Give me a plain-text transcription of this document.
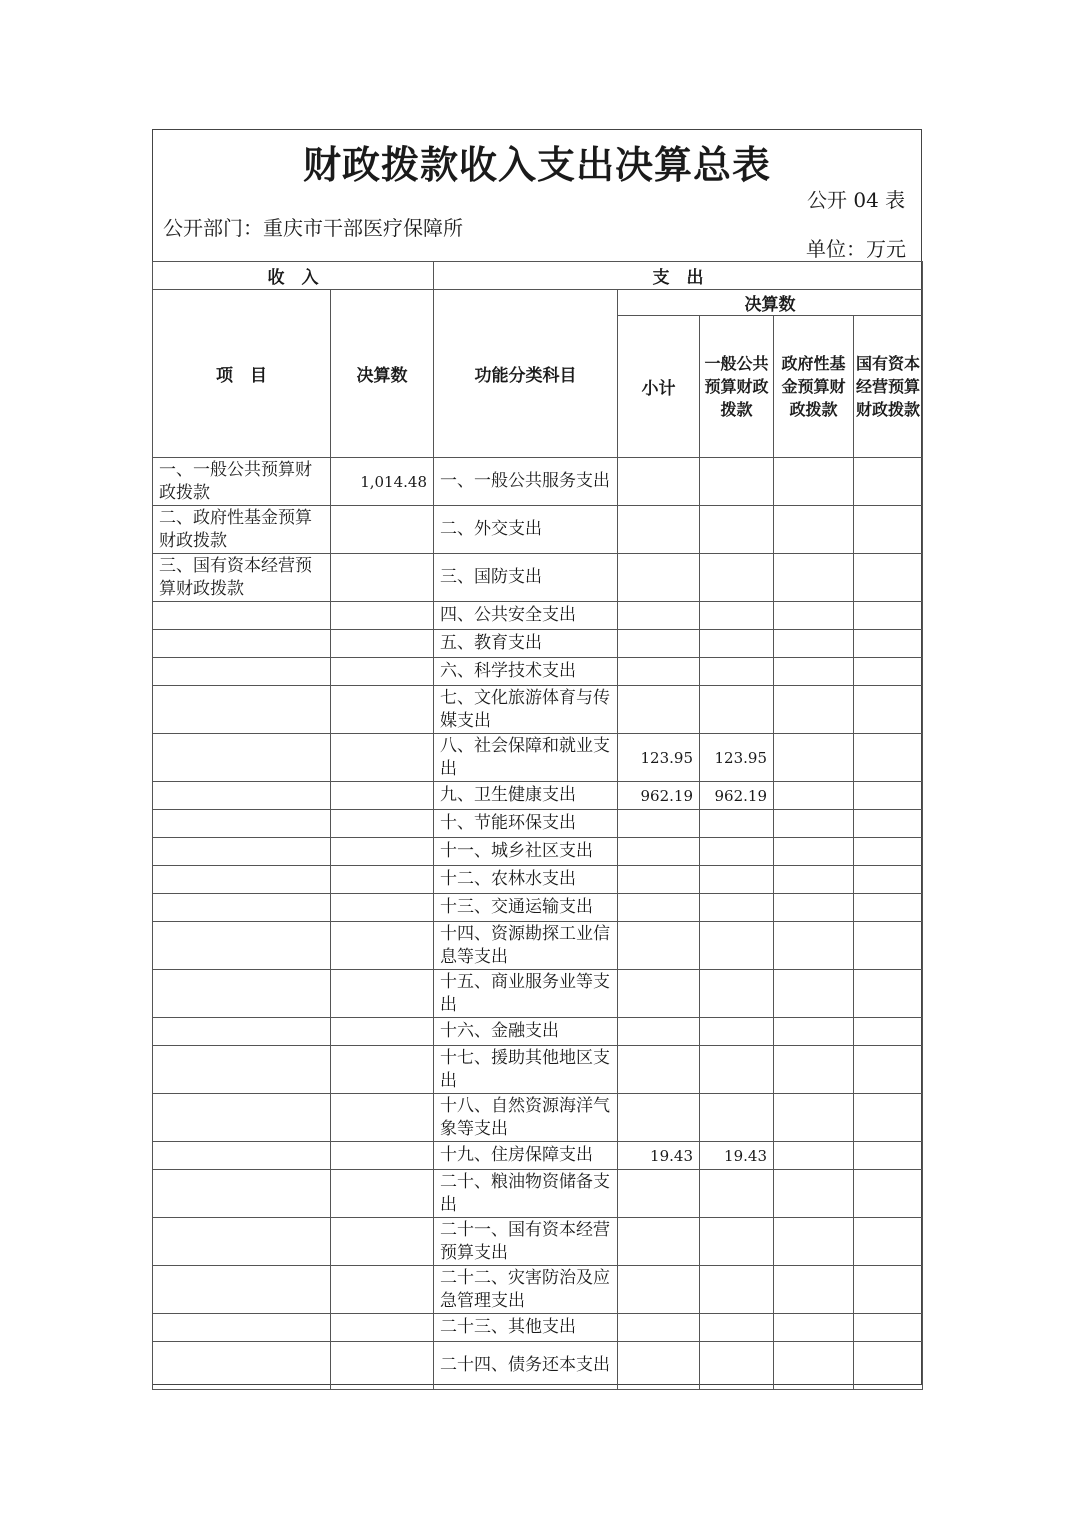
财政拨款收入支出决算总表
公开 04 表
公开部门：重庆市干部医疗保障所
单位：万元
收　入		支　出				
项　目	决算数	功能分类科目	决算数			
			小计	一般公共预算财政拨款	政府性基金预算财政拨款	国有资本经营预算财政拨款
一、一般公共预算财政拨款	1,014.48	一、一般公共服务支出				
二、政府性基金预算财政拨款		二、外交支出				
三、国有资本经营预算财政拨款		三、国防支出				
		四、公共安全支出				
		五、教育支出				
		六、科学技术支出				
		七、文化旅游体育与传媒支出				
		八、社会保障和就业支出	123.95	123.95		
		九、卫生健康支出	962.19	962.19		
		十、节能环保支出				
		十一、城乡社区支出				
		十二、农林水支出				
		十三、交通运输支出				
		十四、资源勘探工业信息等支出				
		十五、商业服务业等支出				
		十六、金融支出				
		十七、援助其他地区支出				
		十八、自然资源海洋气象等支出				
		十九、住房保障支出	19.43	19.43		
		二十、粮油物资储备支出				
		二十一、国有资本经营预算支出				
		二十二、灾害防治及应急管理支出				
		二十三、其他支出				
		二十四、债务还本支出				
